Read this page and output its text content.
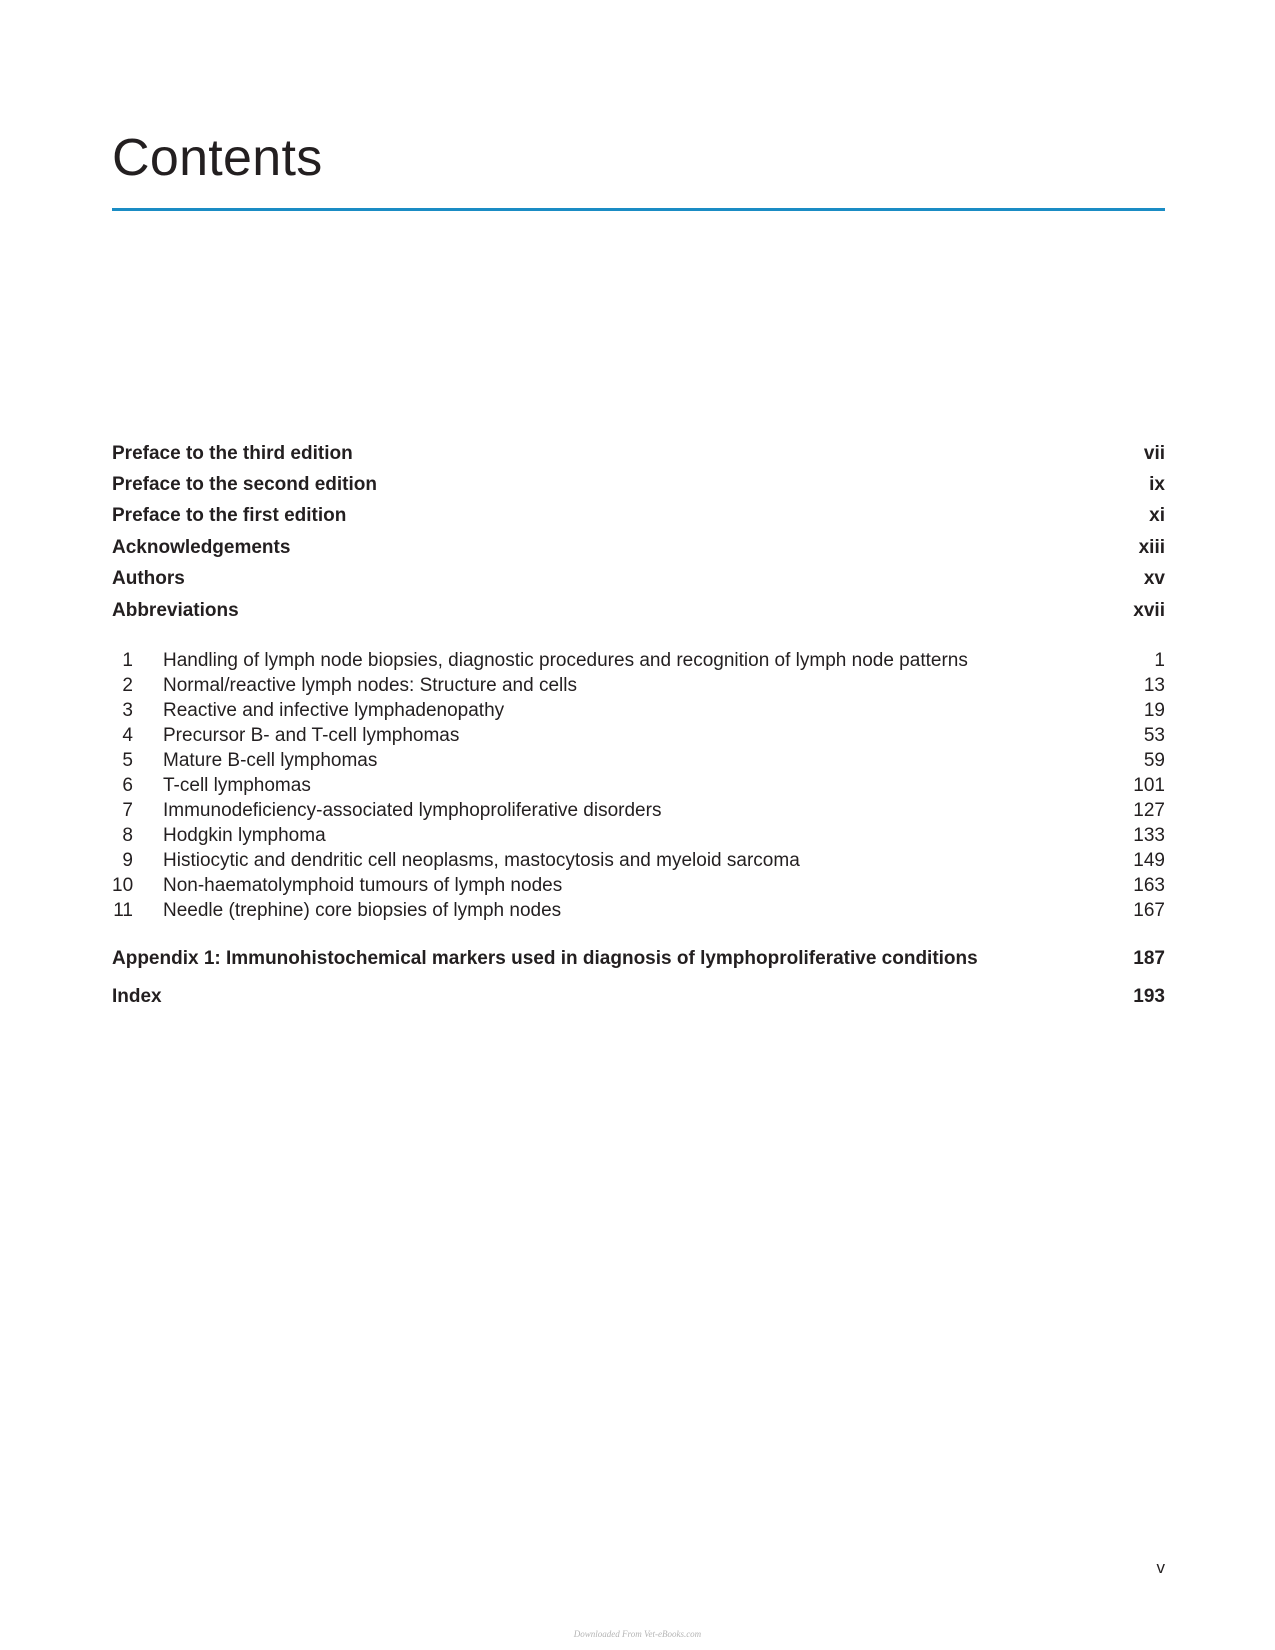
Contents
Preface to the third edition	vii
Preface to the second edition	ix
Preface to the first edition	xi
Acknowledgements	xiii
Authors	xv
Abbreviations	xvii
1 Handling of lymph node biopsies, diagnostic procedures and recognition of lymph node patterns	1
2 Normal/reactive lymph nodes: Structure and cells	13
3 Reactive and infective lymphadenopathy	19
4 Precursor B- and T-cell lymphomas	53
5 Mature B-cell lymphomas	59
6 T-cell lymphomas	101
7 Immunodeficiency-associated lymphoproliferative disorders	127
8 Hodgkin lymphoma	133
9 Histiocytic and dendritic cell neoplasms, mastocytosis and myeloid sarcoma	149
10 Non-haematolymphoid tumours of lymph nodes	163
11 Needle (trephine) core biopsies of lymph nodes	167
Appendix 1: Immunohistochemical markers used in diagnosis of lymphoproliferative conditions	187
Index	193
v
Downloaded From Vet-eBooks.com
